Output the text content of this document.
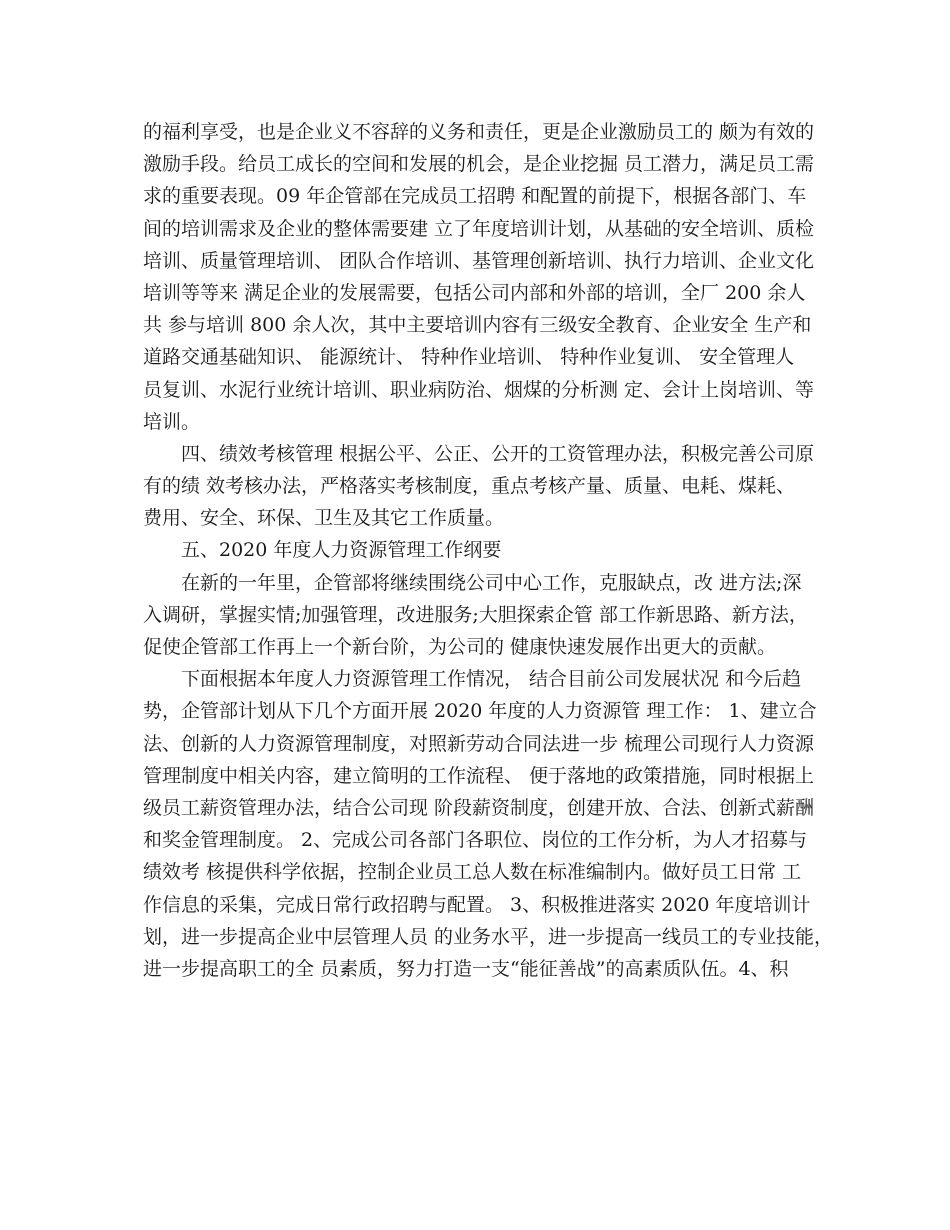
的福利享受，也是企业义不容辞的义务和责任，更是企业激励员工的 颇为有效的
激励手段。给员工成长的空间和发展的机会，是企业挖掘 员工潜力，满足员工需
求的重要表现。09 年企管部在完成员工招聘 和配置的前提下，根据各部门、车
间的培训需求及企业的整体需要建 立了年度培训计划，从基础的安全培训、质检
培训、质量管理培训、 团队合作培训、基管理创新培训、执行力培训、企业文化
培训等等来 满足企业的发展需要，包括公司内部和外部的培训，全厂 200 余人
共 参与培训 800 余人次，其中主要培训内容有三级安全教育、企业安全 生产和
道路交通基础知识、 能源统计、 特种作业培训、 特种作业复训、 安全管理人
员复训、水泥行业统计培训、职业病防治、烟煤的分析测 定、会计上岗培训、等
培训。
　　四、绩效考核管理 根据公平、公正、公开的工资管理办法，积极完善公司原
有的绩 效考核办法，严格落实考核制度，重点考核产量、质量、电耗、煤耗、
费用、安全、环保、卫生及其它工作质量。
　　五、2020 年度人力资源管理工作纲要
　　在新的一年里，企管部将继续围绕公司中心工作，克服缺点，改 进方法;深
入调研，掌握实情;加强管理，改进服务;大胆探索企管 部工作新思路、新方法，
促使企管部工作再上一个新台阶，为公司的 健康快速发展作出更大的贡献。
　　下面根据本年度人力资源管理工作情况， 结合目前公司发展状况 和今后趋
势，企管部计划从下几个方面开展 2020 年度的人力资源管 理工作： 1、建立合
法、创新的人力资源管理制度，对照新劳动合同法进一步 梳理公司现行人力资源
管理制度中相关内容，建立简明的工作流程、 便于落地的政策措施，同时根据上
级员工薪资管理办法，结合公司现 阶段薪资制度，创建开放、合法、创新式薪酬
和奖金管理制度。 2、完成公司各部门各职位、岗位的工作分析，为人才招募与
绩效考 核提供科学依据，控制企业员工总人数在标准编制内。做好员工日常 工
作信息的采集，完成日常行政招聘与配置。 3、积极推进落实 2020 年度培训计
划，进一步提高企业中层管理人员 的业务水平，进一步提高一线员工的专业技能，
进一步提高职工的全 员素质，努力打造一支“能征善战”的高素质队伍。4、积
